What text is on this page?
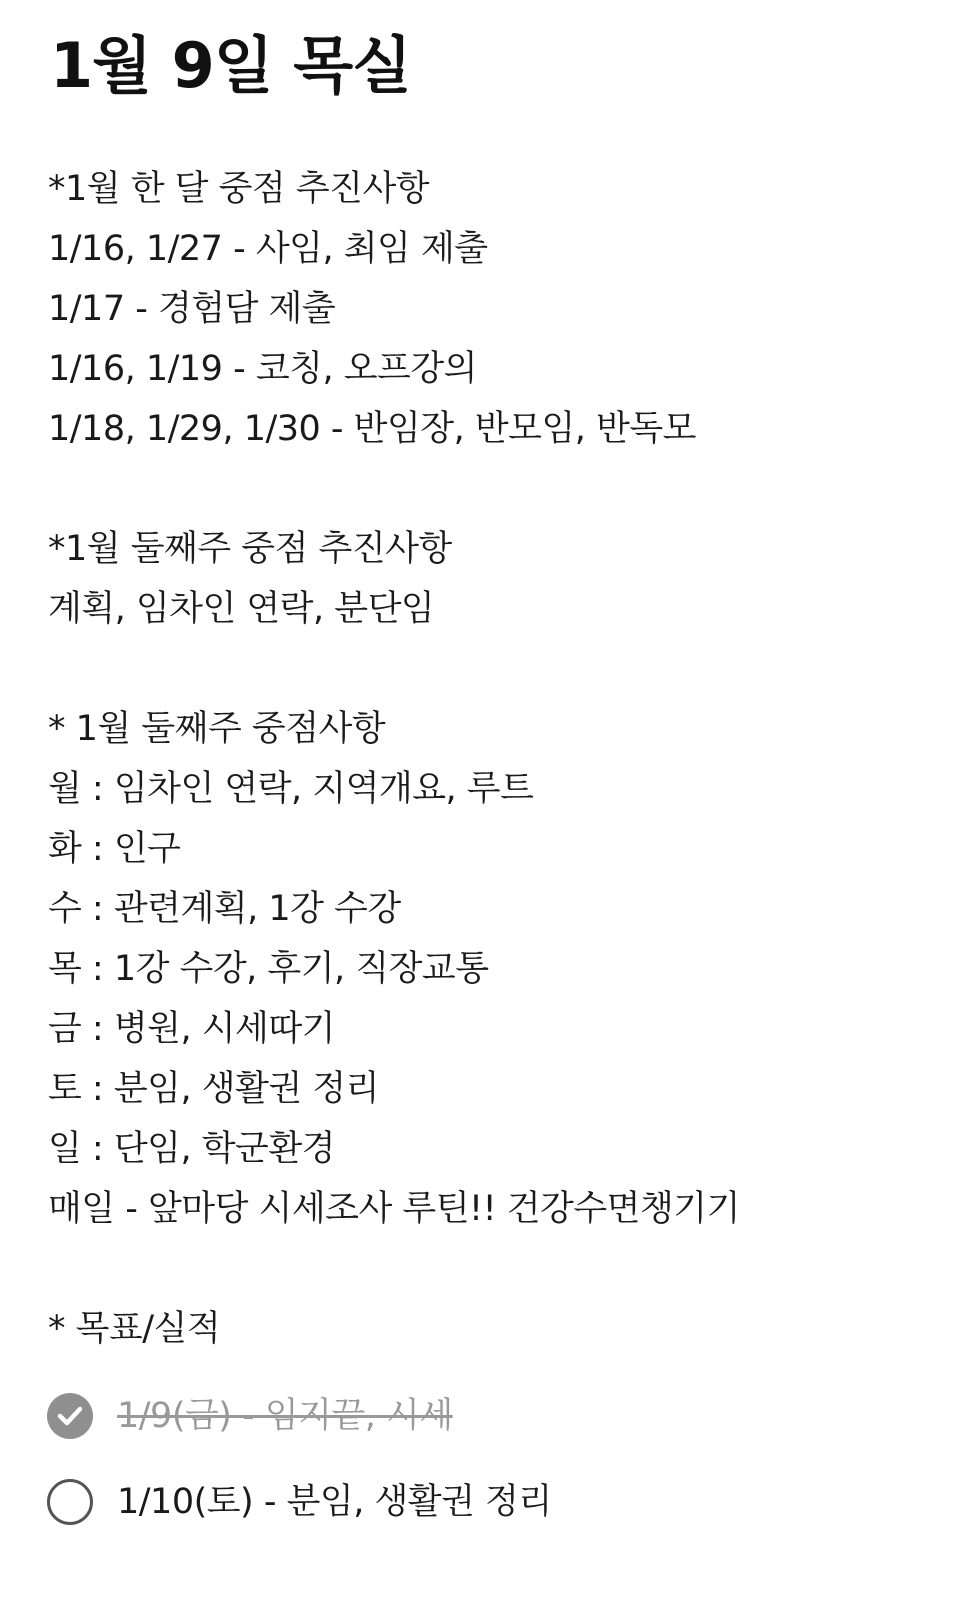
1월 9일 목실
*1월 한 달 중점 추진사항
1/16, 1/27 - 사임, 최임 제출
1/17 - 경험담 제출
1/16, 1/19 - 코칭, 오프강의
1/18, 1/29, 1/30 - 반임장, 반모임, 반독모
*1월 둘째주 중점 추진사항
계획, 임차인 연락, 분단임
* 1월 둘째주 중점사항
월 : 임차인 연락, 지역개요, 루트
화 : 인구
수 : 관련계획, 1강 수강
목 : 1강 수강, 후기, 직장교통
금 : 병원, 시세따기
토 : 분임, 생활권 정리
일 : 단임, 학군환경
매일 - 앞마당 시세조사 루틴!! 건강수면챙기기
* 목표/실적
1/9(금) - 임지끝, 시세
1/10(토) - 분임, 생활권 정리
